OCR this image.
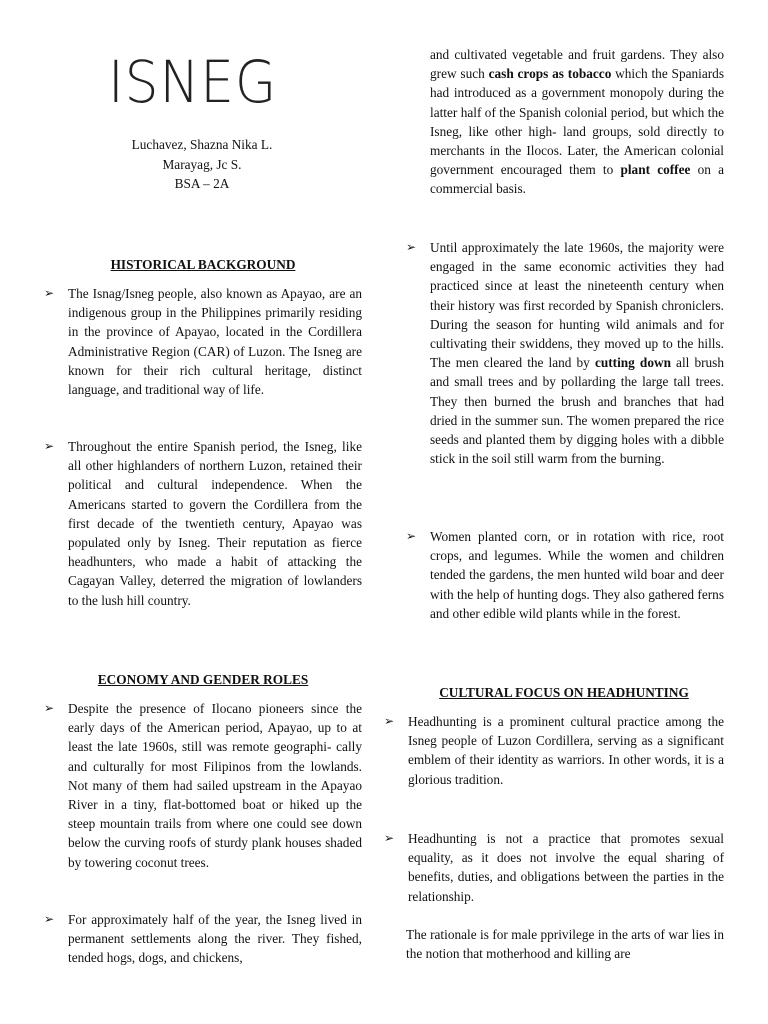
ISNEG
Luchavez, Shazna Nika L.
Marayag, Jc S.
BSA – 2A
HISTORICAL BACKGROUND
➢ The Isnag/Isneg people, also known as Apayao, are an indigenous group in the Philippines primarily residing in the province of Apayao, located in the Cordillera Administrative Region (CAR) of Luzon. The Isneg are known for their rich cultural heritage, distinct language, and traditional way of life.
➢ Throughout the entire Spanish period, the Isneg, like all other highlanders of northern Luzon, retained their political and cultural independence. When the Americans started to govern the Cordillera from the first decade of the twentieth century, Apayao was populated only by Isneg. Their reputation as fierce headhunters, who made a habit of attacking the Cagayan Valley, deterred the migration of lowlanders to the lush hill country.
ECONOMY AND GENDER ROLES
➢ Despite the presence of Ilocano pioneers since the early days of the American period, Apayao, up to at least the late 1960s, still was remote geographi- cally and culturally for most Filipinos from the lowlands. Not many of them had sailed upstream in the Apayao River in a tiny, flat-bottomed boat or hiked up the steep mountain trails from where one could see down below the curving roofs of sturdy plank houses shaded by towering coconut trees.
➢ For approximately half of the year, the Isneg lived in permanent settlements along the river. They fished, tended hogs, dogs, and chickens,
and cultivated vegetable and fruit gardens. They also grew such cash crops as tobacco which the Spaniards had introduced as a government monopoly during the latter half of the Spanish colonial period, but which the Isneg, like other high- land groups, sold directly to merchants in the Ilocos. Later, the American colonial government encouraged them to plant coffee on a commercial basis.
➢ Until approximately the late 1960s, the majority were engaged in the same economic activities they had practiced since at least the nineteenth century when their history was first recorded by Spanish chroniclers. During the season for hunting wild animals and for cultivating their swiddens, they moved up to the hills. The men cleared the land by cutting down all brush and small trees and by pollarding the large tall trees. They then burned the brush and branches that had dried in the summer sun. The women prepared the rice seeds and planted them by digging holes with a dibble stick in the soil still warm from the burning.
➢ Women planted corn, or in rotation with rice, root crops, and legumes. While the women and children tended the gardens, the men hunted wild boar and deer with the help of hunting dogs. They also gathered ferns and other edible wild plants while in the forest.
CULTURAL FOCUS ON HEADHUNTING
➢ Headhunting is a prominent cultural practice among the Isneg people of Luzon Cordillera, serving as a significant emblem of their identity as warriors. In other words, it is a glorious tradition.
➢ Headhunting is not a practice that promotes sexual equality, as it does not involve the equal sharing of benefits, duties, and obligations between the parties in the relationship.
The rationale is for male pprivilege in the arts of war lies in the notion that motherhood and killing are
